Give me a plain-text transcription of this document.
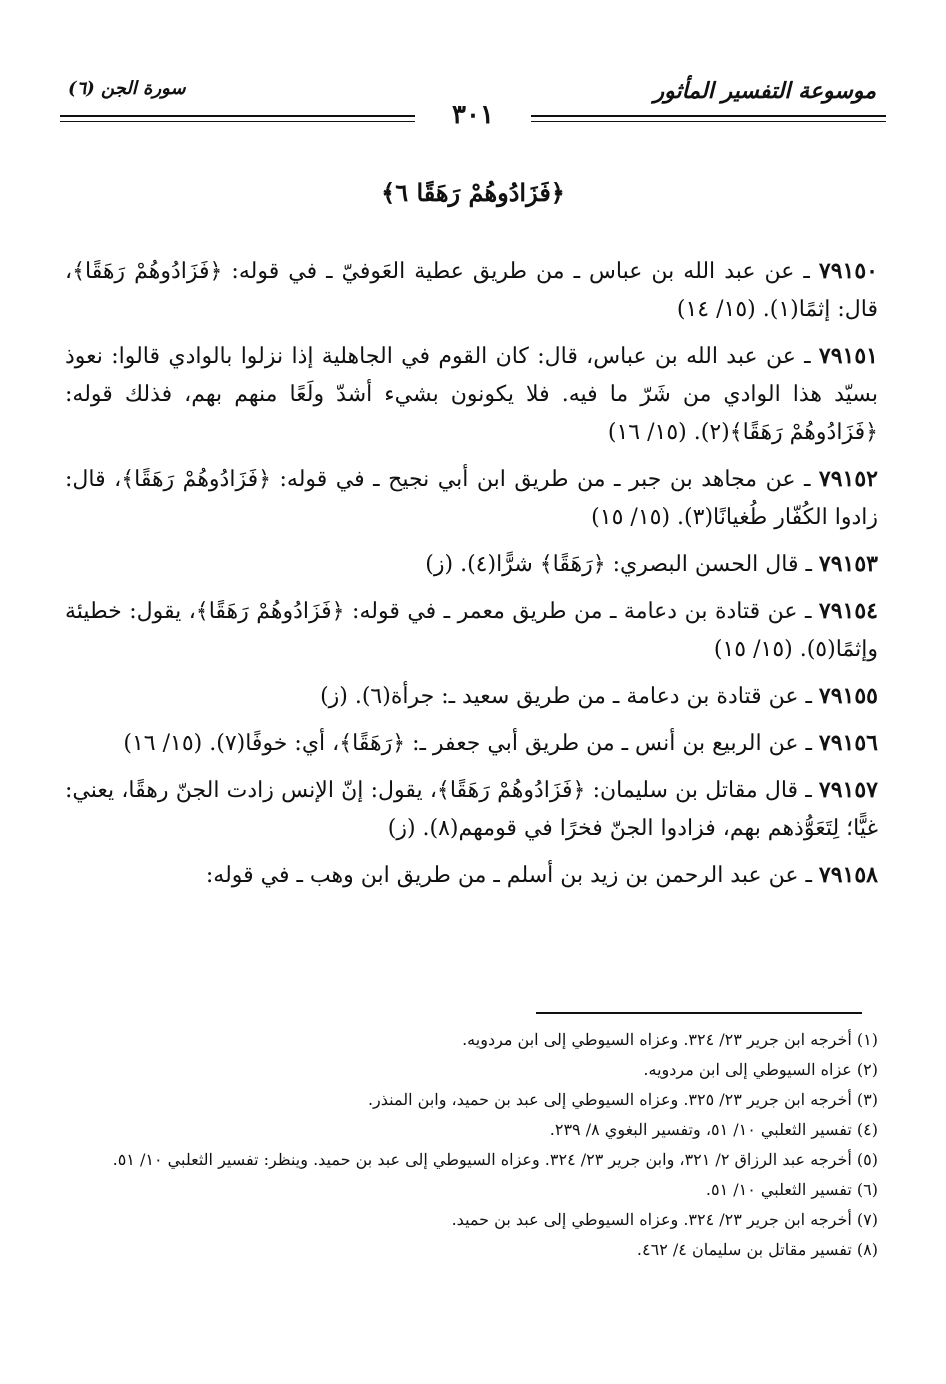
موسوعة التفسير المأثور
سورة الجن (٦)
٣٠١
﴿فَزَادُوهُمْ رَهَقًا ٦﴾

٧٩١٥٠ ـ عن عبد الله بن عباس ـ من طريق عطية العَوفيّ ـ في قوله: ﴿فَزَادُوهُمْ رَهَقًا﴾، قال: إثمًا(١). (١٥/ ١٤)

٧٩١٥١ ـ عن عبد الله بن عباس، قال: كان القوم في الجاهلية إذا نزلوا بالوادي قالوا: نعوذ بسيّد هذا الوادي من شَرّ ما فيه. فلا يكونون بشيء أشدّ ولَعًا منهم بهم، فذلك قوله: ﴿فَزَادُوهُمْ رَهَقًا﴾(٢). (١٥/ ١٦)

٧٩١٥٢ ـ عن مجاهد بن جبر ـ من طريق ابن أبي نجيح ـ في قوله: ﴿فَزَادُوهُمْ رَهَقًا﴾، قال: زادوا الكُفّار طُغيانًا(٣). (١٥/ ١٥)

٧٩١٥٣ ـ قال الحسن البصري: ﴿رَهَقًا﴾ شرًّا(٤). (ز)

٧٩١٥٤ ـ عن قتادة بن دعامة ـ من طريق معمر ـ في قوله: ﴿فَزَادُوهُمْ رَهَقًا﴾، يقول: خطيئة وإثمًا(٥). (١٥/ ١٥)

٧٩١٥٥ ـ عن قتادة بن دعامة ـ من طريق سعيد ـ: جرأة(٦). (ز)

٧٩١٥٦ ـ عن الربيع بن أنس ـ من طريق أبي جعفر ـ: ﴿رَهَقًا﴾، أي: خوفًا(٧). (١٥/ ١٦)

٧٩١٥٧ ـ قال مقاتل بن سليمان: ﴿فَزَادُوهُمْ رَهَقًا﴾، يقول: إنّ الإنس زادت الجنّ رهقًا، يعني: غيًّا؛ لِتَعَوُّذهم بهم، فزادوا الجنّ فخرًا في قومهم(٨). (ز)

٧٩١٥٨ ـ عن عبد الرحمن بن زيد بن أسلم ـ من طريق ابن وهب ـ في قوله:

(١) أخرجه ابن جرير ٢٣/ ٣٢٤. وعزاه السيوطي إلى ابن مردويه.

(٢) عزاه السيوطي إلى ابن مردويه.

(٣) أخرجه ابن جرير ٢٣/ ٣٢٥. وعزاه السيوطي إلى عبد بن حميد، وابن المنذر.

(٤) تفسير الثعلبي ١٠/ ٥١، وتفسير البغوي ٨/ ٢٣٩.

(٥) أخرجه عبد الرزاق ٢/ ٣٢١، وابن جرير ٢٣/ ٣٢٤. وعزاه السيوطي إلى عبد بن حميد. وينظر: تفسير الثعلبي ١٠/ ٥١.

(٦) تفسير الثعلبي ١٠/ ٥١.

(٧) أخرجه ابن جرير ٢٣/ ٣٢٤. وعزاه السيوطي إلى عبد بن حميد.

(٨) تفسير مقاتل بن سليمان ٤/ ٤٦٢.
